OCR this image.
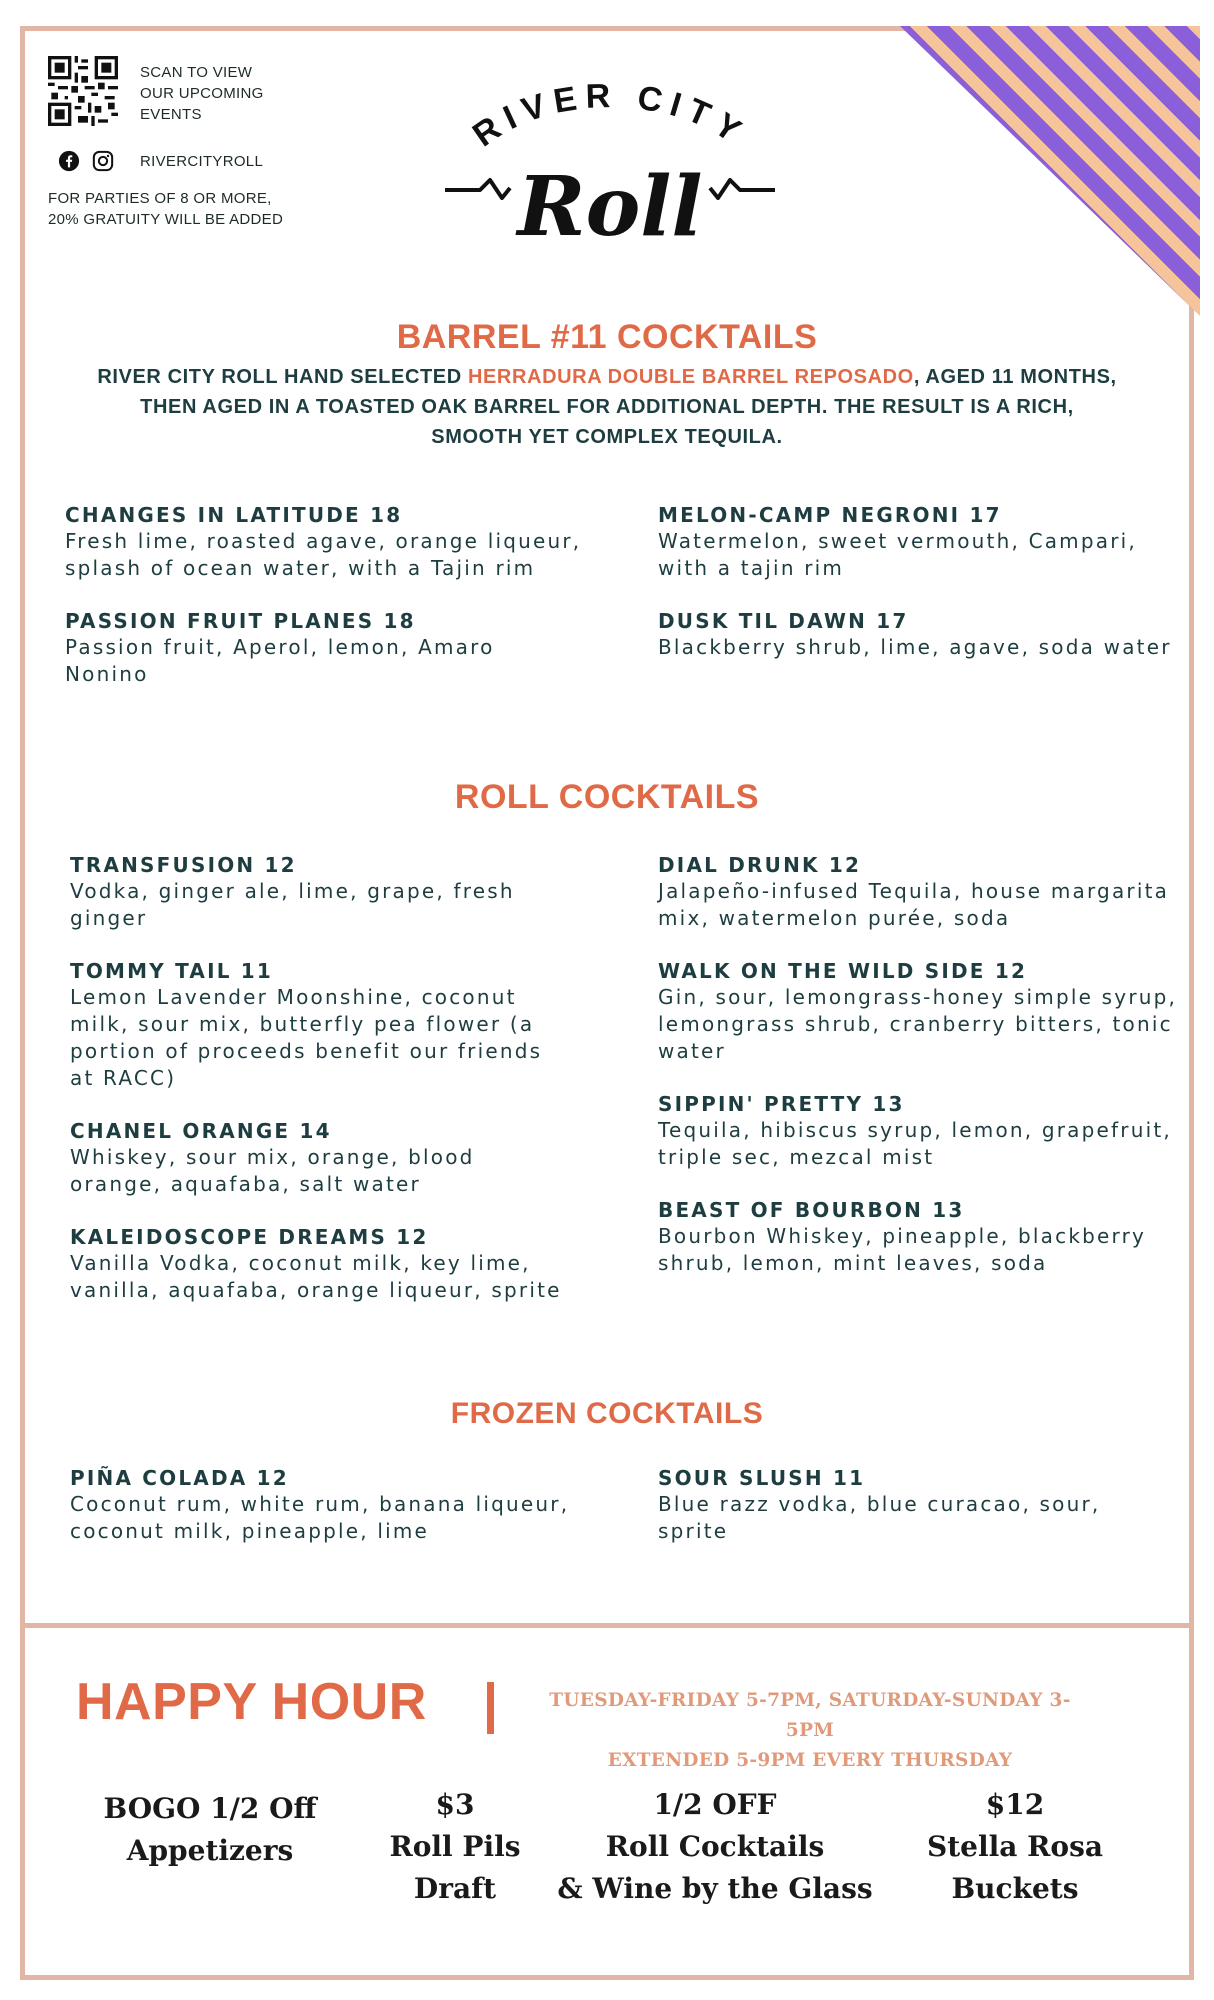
SCAN TO VIEW
OUR UPCOMING
EVENTS
RIVERCITYROLL
FOR PARTIES OF 8 OR MORE,
20% GRATUITY WILL BE ADDED
RIVER CITY
Roll
BARREL #11 COCKTAILS
RIVER CITY ROLL HAND SELECTED HERRADURA DOUBLE BARREL REPOSADO, AGED 11 MONTHS,
THEN AGED IN A TOASTED OAK BARREL FOR ADDITIONAL DEPTH. THE RESULT IS A RICH,
SMOOTH YET COMPLEX TEQUILA.
CHANGES IN LATITUDE 18
Fresh lime, roasted agave, orange liqueur, splash of ocean water, with a Tajin rim
PASSION FRUIT PLANES 18
Passion fruit, Aperol, lemon, Amaro Nonino
MELON-CAMP NEGRONI 17
Watermelon, sweet vermouth, Campari, with a tajin rim
DUSK TIL DAWN 17
Blackberry shrub, lime, agave, soda water
ROLL COCKTAILS
TRANSFUSION 12
Vodka, ginger ale, lime, grape, fresh ginger
TOMMY TAIL 11
Lemon Lavender Moonshine, coconut milk, sour mix, butterfly pea flower (a portion of proceeds benefit our friends at RACC)
CHANEL ORANGE 14
Whiskey, sour mix, orange, blood orange, aquafaba, salt water
KALEIDOSCOPE DREAMS 12
Vanilla Vodka, coconut milk, key lime, vanilla, aquafaba, orange liqueur, sprite
DIAL DRUNK 12
Jalapeño-infused Tequila, house margarita mix, watermelon purée, soda
WALK ON THE WILD SIDE 12
Gin, sour, lemongrass-honey simple syrup, lemongrass shrub, cranberry bitters, tonic water
SIPPIN' PRETTY 13
Tequila, hibiscus syrup, lemon, grapefruit, triple sec, mezcal mist
BEAST OF BOURBON 13
Bourbon Whiskey, pineapple, blackberry shrub, lemon, mint leaves, soda
FROZEN COCKTAILS
PIÑA COLADA 12
Coconut rum, white rum, banana liqueur, coconut milk, pineapple, lime
SOUR SLUSH 11
Blue razz vodka, blue curacao, sour, sprite
HAPPY HOUR	TUESDAY-FRIDAY 5-7PM, SATURDAY-SUNDAY 3-5PM
EXTENDED 5-9PM EVERY THURSDAY
BOGO 1/2 Off
Appetizers
$3
Roll Pils
Draft
1/2 OFF
Roll Cocktails
& Wine by the Glass
$12
Stella Rosa
Buckets
